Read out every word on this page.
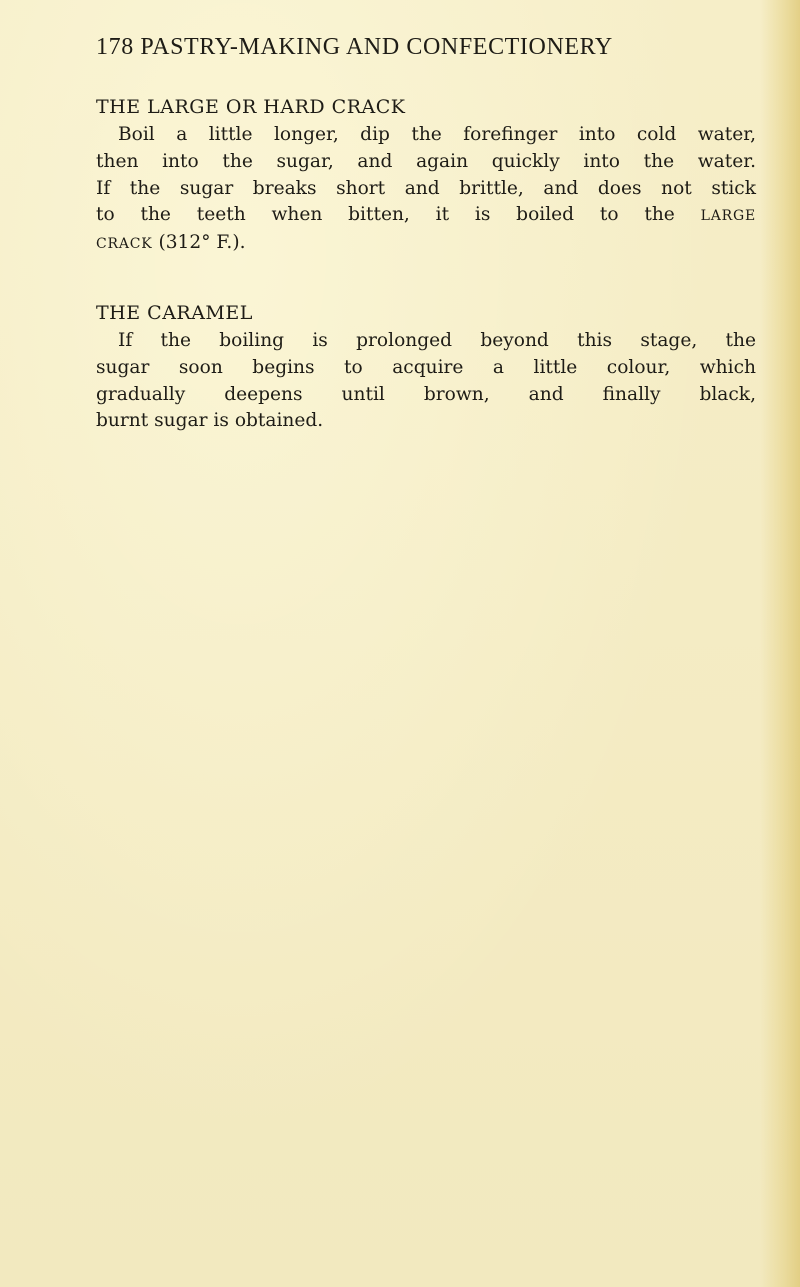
178 PASTRY-MAKING AND CONFECTIONERY
THE LARGE OR HARD CRACK
Boil a little longer, dip the forefinger into cold water,
then into the sugar, and again quickly into the water.
If the sugar breaks short and brittle, and does not stick
to the teeth when bitten, it is boiled to the LARGE
CRACK (312° F.).
THE CARAMEL
If the boiling is prolonged beyond this stage, the
sugar soon begins to acquire a little colour, which
gradually deepens until brown, and finally black,
burnt sugar is obtained.
